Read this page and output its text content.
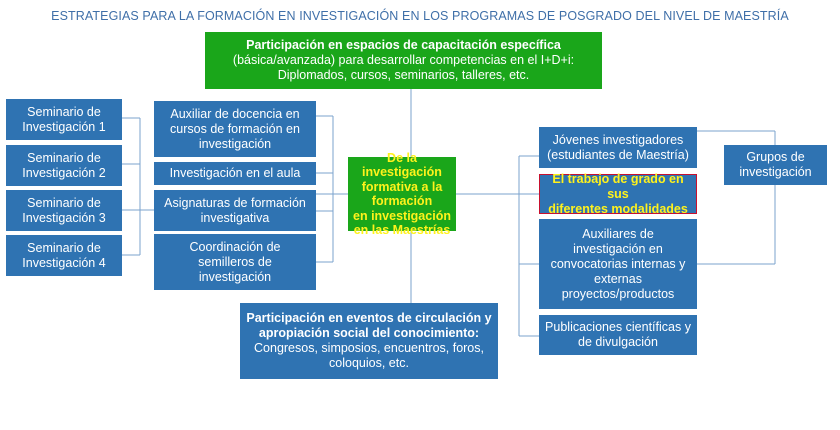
ESTRATEGIAS PARA LA FORMACIÓN EN INVESTIGACIÓN EN LOS PROGRAMAS DE POSGRADO DEL NIVEL DE MAESTRÍA
Participación en espacios de capacitación específica
(básica/avanzada) para desarrollar competencias en el I+D+i:
Diplomados, cursos, seminarios, talleres, etc.
De la investigación
formativa a la formación
en investigación
en las Maestrías
Seminario de
Investigación 1
Seminario de
Investigación 2
Seminario de
Investigación 3
Seminario de
Investigación 4
Auxiliar de docencia en
cursos de formación en
investigación
Investigación en el aula
Asignaturas de formación
investigativa
Coordinación de
semilleros de
investigación
Jóvenes investigadores
(estudiantes de Maestría)
El trabajo de grado en sus
diferentes modalidades
Auxiliares de
investigación en
convocatorias internas y
externas
proyectos/productos
Publicaciones científicas y
de divulgación
Grupos de
investigación
Participación en eventos de circulación y
apropiación social del conocimiento:
Congresos, simposios, encuentros, foros,
coloquios, etc.
